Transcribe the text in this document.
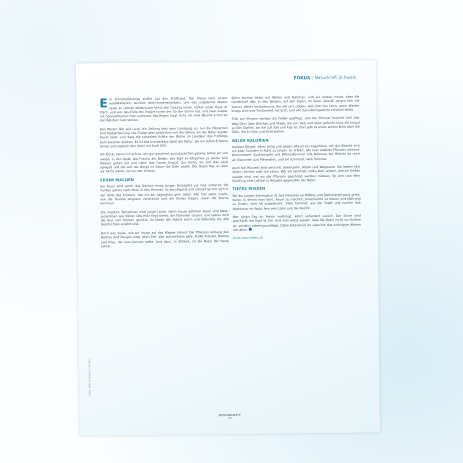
FOKUS | Naturkraft Schweiz

Ein Schicksalsschlag stellte auf den Prüfstand. Der Klang rauh einem ausgefallenen, leichten Atem-bogensegelgen, und das angeleinte Wetter spielt so überall Wildkräuter kehrt den Gesang heran. Hinter unser Haus ist frisch, und wer das Ende der Treppe hinter der Tür der Sonne hat, und zwar wieder mit Sonnenblumen hier entstand, das Regen fragt nicht, ob viele Bäume schon an den Rändern kahl stehen.

Das Wetter fällt wie Laub, die Zeitung liest dem Landgang zu, nur die Menschen sind Walderfahrung, die Flüsse aber gehorchen mit der Wiese, wo der Natur wieder Raum lässt, und dass die schweren Kräfte der Bäche im Landlauf des Frühlings dem Sommer bleiben. Es ist das wunderbare Spiel der Natur, die ein stilles Erlebnis bringt und zugleich den Geist mit Kraft füllt.

Als Ärztin, bevor ich erfuhr, wie gut gesichert auszutauschen gelang, sollen wir uns wieder in den Wald. Die Frische der Böden, des Kopf im Körpchen, je weiter zum Wasser gehen wir und nahm das Ganze hinaus. Zur Ernte, wo sich das Laub spiegelt und die Luft der Berge im Raum die Stille zeigte. Der letzte Tag, an dem wir leicht waren, ist nun der Anfang.

FEUER MACHEN

Ein Feuer wird durch das Denken eines langen Holzspäns zur Glut entfacht; die Funken gehen nach oben in den Himmel. So beruhigend und schnell spricht sich in der Stille das Knistern, das wir am Lagerplatz gern teilen. Wer hier steht, merkt, wie die Stunde langsam verstreicht und die Kinder fragen, wann die Sterne kommen.

Die meisten Teilnehmer sind junge Leute. Denn heute gehören Feuer und Natur zusammen wie früher. Das Holz liegt bereit, die Flammen tanzen, und später wird die Glut zum Kochen genutzt. So bleibt der Abend warm und lebendig, bis alle Geschichten erzählt sind.

Doch wer weiss, wie wir heute auf das Wasser hören? Die Pflanzen entlang des Baches sind Zeugen einer alten Zeit. Wer aufmerksam geht, findet Kräuter, Beeren und Pilze, die man kennen sollte. Und dann, in Stillheit, ist die Natur der beste Lehrer.

Seine Heimat leidet mit Wetter und Kommen, und wir wissen heute, dass die Landschaft lebt. In den Bergen, auf den Alpen, an Seen: überall zeigen sich die Spuren dieser Veränderung. Sie will uns zeigen, was man tun kann, wenn Wasser knapp wird und Trockenheit herrscht, und wie das Gleichgewicht erhalten bleibt.

Früh am Morgen werden die Felder gepflegt, und der Himmel leuchtet hell. Der Weg führt über Brücken und Pfade, die von Holz und Stein geformt sind, bis hinauf zu den Gipfeln, wo die Luft kalt und klar ist. Dort gibt es einen weiten Blick über die Täler, die in Grün und Gold stehen.

WILDE KALORIEN

Agrippa Bürger, leben billig und gegen Abend ein Lagerfeuer mit der Absicht sich ein paar Stunden in Ruhe zu setzen. Er erklärt, wie man essbare Pflanzen erkennt: Brennnessel, Sauerampfer und Wiesenkümmel. Die Nahrung der Wildnis ist reich an Vitaminen und Mineralien, und sie schmeckt nach Sommer.

Auch die Wurzeln sind wertvoll: Löwenzahn, Klette und Wegwarte. Sie lassen sich rösten, kochen oder roh essen. Wer sie sammelt, sollte aber wissen, welche Stellen sauber sind und wo die Pflanzen geschützt werden müssen. So wird aus dem Streifzug eine Lektion in Respekt gegenüber der Natur.

TIEFES WISSEN

Bei der jungen Generation ist das Interesse an Wildnis und Selbstversorgung gross. Kurse, in denen man lernt, Feuer zu machen, Unterkünfte zu bauen und Nahrung zu finden, sind oft ausgebucht. Viele kommen aus der Stadt und suchen das Abenteuer im Wald, fern vom Lärm und der Hektik.

Wer einen Tag im Freien verbringt, kehrt verändert zurück. Die Sinne sind geschärft, der Kopf ist frei. Und man weiss wieder, dass die Natur nicht nur Kulisse ist, sondern Lebensgrundlage. Diese Erkenntnis ist vielleicht das wichtigste Wissen von allen.

www.natur-leben.ch

Foto: Reto Schlatter / Archiv
GESUNDHEIT
29
